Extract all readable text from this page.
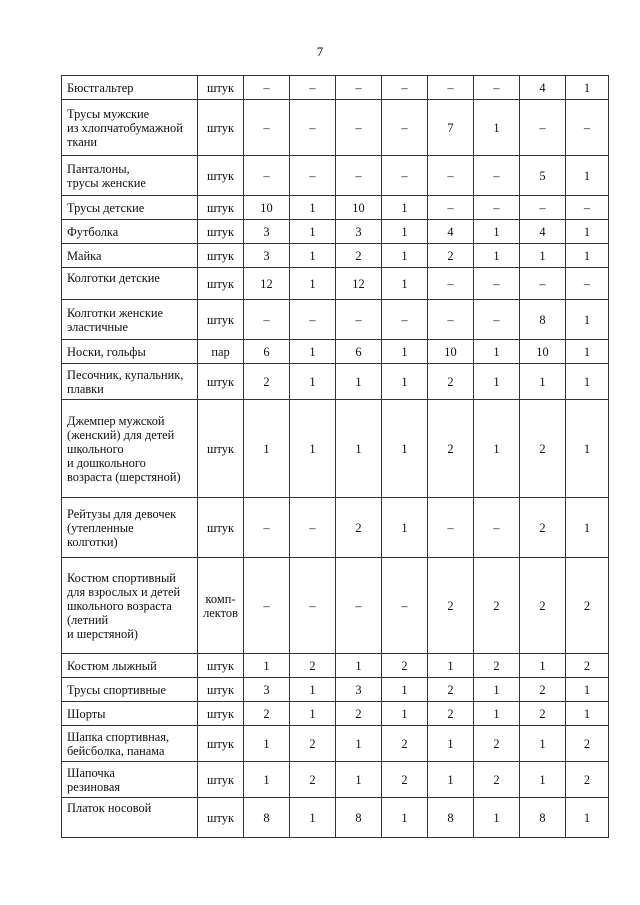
7
Бюстгальтер	штук	–	–	–	–	–	–	4	1

Трусы мужские
из хлопчатобумажной
ткани	штук	–	–	–	–	7	1	–	–

Панталоны,
трусы женские	штук	–	–	–	–	–	–	5	1

Трусы детские	штук	10	1	10	1	–	–	–	–

Футболка	штук	3	1	3	1	4	1	4	1

Майка	штук	3	1	2	1	2	1	1	1

Колготки детские	штук	12	1	12	1	–	–	–	–

Колготки женские
эластичные	штук	–	–	–	–	–	–	8	1

Носки, гольфы	пар	6	1	6	1	10	1	10	1

Песочник, купальник,
плавки	штук	2	1	1	1	2	1	1	1

Джемпер мужской
(женский) для детей
школьного
и дошкольного
возраста (шерстяной)	штук	1	1	1	1	2	1	2	1

Рейтузы для девочек
(утепленные
колготки)	штук	–	–	2	1	–	–	2	1

Костюм спортивный
для взрослых и детей
школьного возраста
(летний
и шерстяной)	комп-
лектов	–	–	–	–	2	2	2	2

Костюм лыжный	штук	1	2	1	2	1	2	1	2

Трусы спортивные	штук	3	1	3	1	2	1	2	1

Шорты	штук	2	1	2	1	2	1	2	1

Шапка спортивная,
бейсболка, панама	штук	1	2	1	2	1	2	1	2

Шапочка
резиновая	штук	1	2	1	2	1	2	1	2

Платок носовой	штук	8	1	8	1	8	1	8	1
